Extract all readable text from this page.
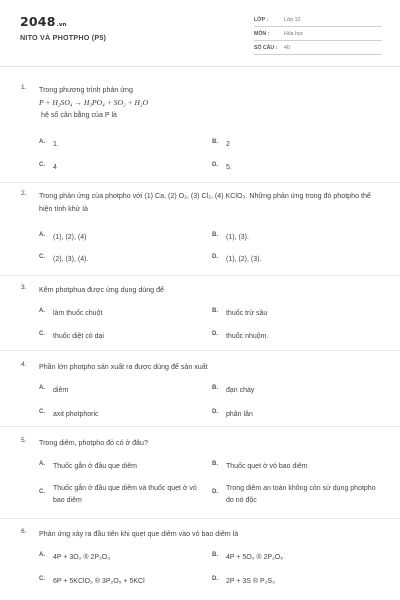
2048.vn
NITO VÀ PHOTPHO (P5)
LỚP :	Lớp 12
MÔN :	Hóa học
SỐ CÂU : 40
1. Trong phương trình phản ứng
P + H₂SO₄ → H₃PO₄ + SO₂ + H₂O
hệ số cân bằng của P là
A. 1.	B. 2
C. 4	D. 5.
2. Trong phản ứng của photpho với (1) Ca, (2) O₂, (3) Cl₂, (4) KClO₃. Những phản ứng trong đó photpho thể hiện tính khử là
A. (1), (2), (4)	B. (1), (3).
C. (2), (3), (4).	D. (1), (2), (3).
3. Kẽm photphua được ứng dụng dùng để
A. làm thuốc chuột	B. thuốc trừ sâu
C. thuốc diệt cỏ dại	D. thuốc nhuộm.
4. Phần lớn photpho sản xuất ra được dùng để sản xuất
A. diêm	B. đạn cháy
C. axit photphoric	D. phân lân
5. Trong diêm, photpho đỏ có ở đâu?
A. Thuốc gắn ở đầu que diêm	B. Thuốc quẹt ở vỏ bao diêm
C. Thuốc gắn ở đầu que diêm và thuốc quẹt ở vỏ bao diêm
D. Trong diêm an toàn không còn sử dụng photpho do nó độc
6. Phản ứng xảy ra đầu tiên khi quẹt que diêm vào vỏ bao diêm là
A. 4P + 3O₂ ® 2P₂O₃	B. 4P + 5O₂ ® 2P₂O₅
C. 6P + 5KClO₃ ® 3P₂O₅ + 5KCl	D. 2P + 3S ® P₂S₃
